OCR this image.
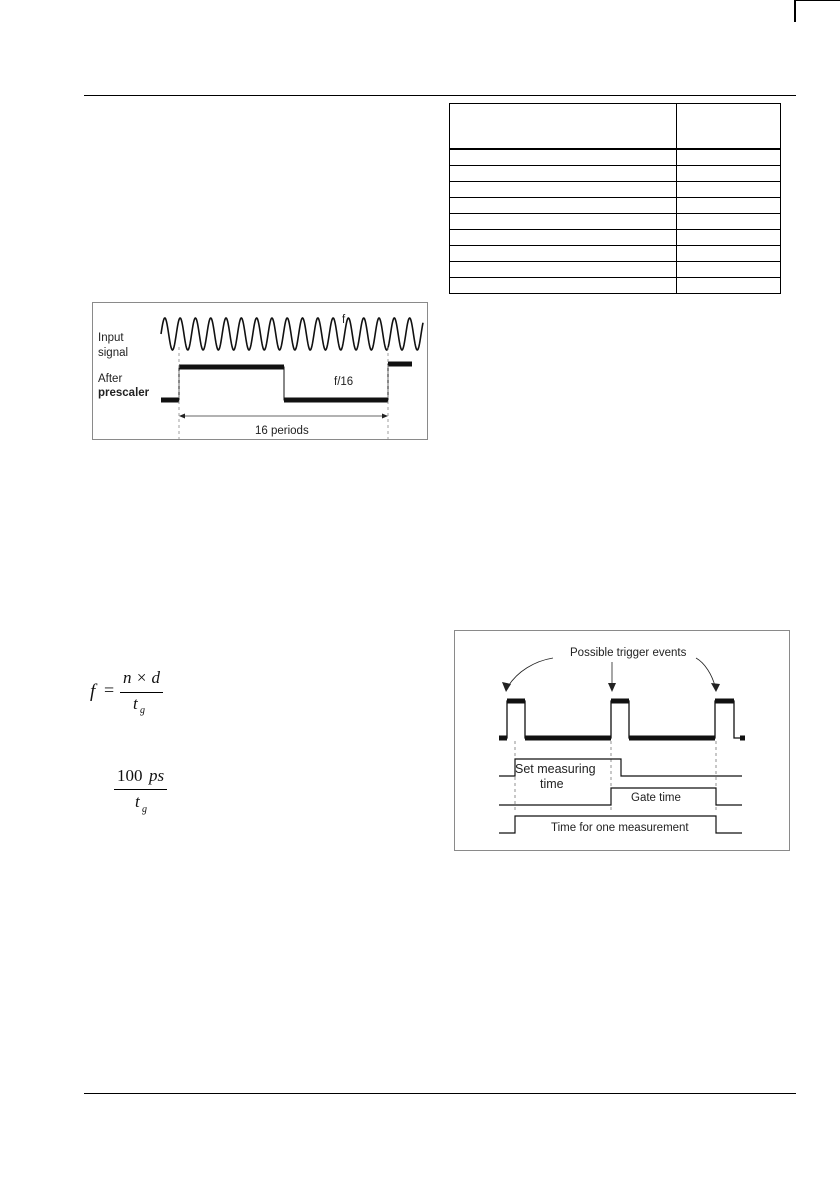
Input
signal
After
prescaler
f
f/16
16 periods
f =
n × d
t g
100 ps
t g
Possible trigger events
Set measuring
time
Gate time
Time for one measurement
